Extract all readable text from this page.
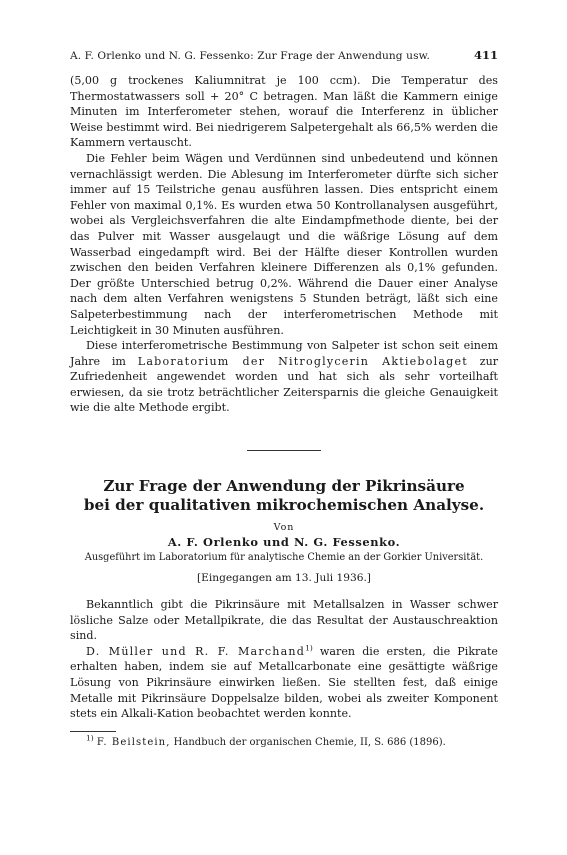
A. F. Orlenko und N. G. Fessenko: Zur Frage der Anwendung usw.	411

(5,00 g trockenes Kaliumnitrat je 100 ccm). Die Temperatur des Thermostatwassers soll + 20° C betragen. Man läßt die Kammern einige Minuten im Interferometer stehen, worauf die Interferenz in üblicher Weise bestimmt wird. Bei niedrigerem Salpetergehalt als 66,5% werden die Kammern vertauscht.

Die Fehler beim Wägen und Verdünnen sind unbedeutend und können vernachlässigt werden. Die Ablesung im Interferometer dürfte sich sicher immer auf 15 Teilstriche genau ausführen lassen. Dies entspricht einem Fehler von maximal 0,1%. Es wurden etwa 50 Kontrollanalysen ausgeführt, wobei als Vergleichsverfahren die alte Eindampfmethode diente, bei der das Pulver mit Wasser ausgelaugt und die wäßrige Lösung auf dem Wasserbad eingedampft wird. Bei der Hälfte dieser Kontrollen wurden zwischen den beiden Verfahren kleinere Differenzen als 0,1% gefunden. Der größte Unterschied betrug 0,2%. Während die Dauer einer Analyse nach dem alten Verfahren wenigstens 5 Stunden beträgt, läßt sich eine Salpeterbestimmung nach der interferometrischen Methode mit Leichtigkeit in 30 Minuten ausführen.

Diese interferometrische Bestimmung von Salpeter ist schon seit einem Jahre im Laboratorium der Nitroglycerin Aktiebolaget zur Zufriedenheit angewendet worden und hat sich als sehr vorteilhaft erwiesen, da sie trotz beträchtlicher Zeitersparnis die gleiche Genauigkeit wie die alte Methode ergibt.

Zur Frage der Anwendung der Pikrinsäure
bei der qualitativen mikrochemischen Analyse.
Von
A. F. Orlenko und N. G. Fessenko.
Ausgeführt im Laboratorium für analytische Chemie an der Gorkier Universität.
[Eingegangen am 13. Juli 1936.]

Bekanntlich gibt die Pikrinsäure mit Metallsalzen in Wasser schwer lösliche Salze oder Metallpikrate, die das Resultat der Austauschreaktion sind.

D. Müller und R. F. Marchand$^{1)}$ waren die ersten, die Pikrate erhalten haben, indem sie auf Metallcarbonate eine gesättigte wäßrige Lösung von Pikrinsäure einwirken ließen. Sie stellten fest, daß einige Metalle mit Pikrinsäure Doppelsalze bilden, wobei als zweiter Komponent stets ein Alkali-Kation beobachtet werden konnte.

$^{1)}$ F. Beilstein, Handbuch der organischen Chemie, II, S. 686 (1896).
